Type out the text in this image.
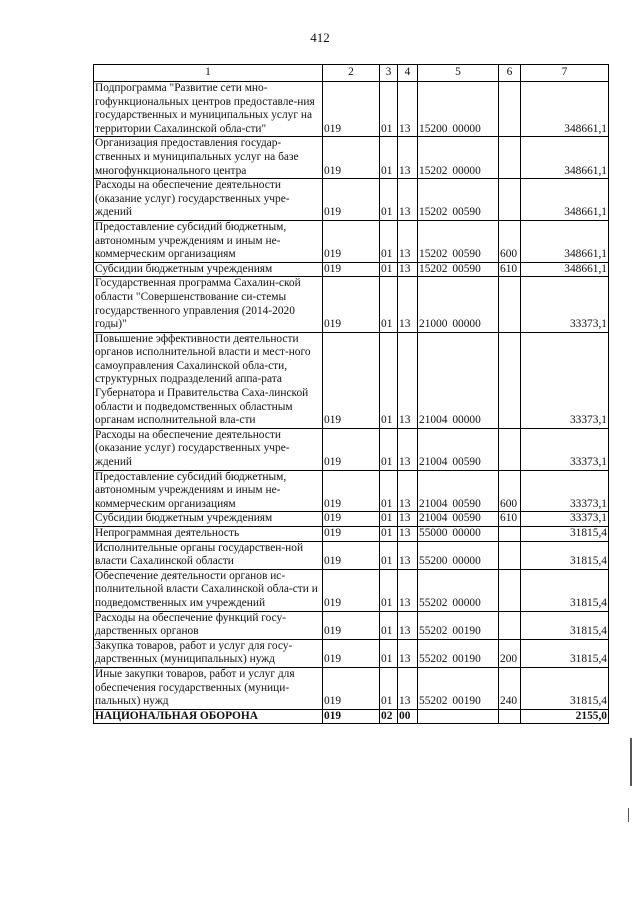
412
1	2	3	4	5	6	7
Подпрограмма "Развитие сети мно-гофункциональных центров предоставле-ния государственных и муниципальных услуг на территории Сахалинской обла-сти"	019	01	13	15200 00000		348661,1
Организация предоставления государ-ственных и муниципальных услуг на базе многофункционального центра	019	01	13	15202 00000		348661,1
Расходы на обеспечение деятельности (оказание услуг) государственных учре-ждений	019	01	13	15202 00590		348661,1
Предоставление субсидий бюджетным, автономным учреждениям и иным не-коммерческим организациям	019	01	13	15202 00590	600	348661,1
Субсидии бюджетным учреждениям	019	01	13	15202 00590	610	348661,1
Государственная программа Сахалин-ской области "Совершенствование си-стемы государственного управления (2014-2020 годы)"	019	01	13	21000 00000		33373,1
Повышение эффективности деятельности органов исполнительной власти и мест-ного самоуправления Сахалинской обла-сти, структурных подразделений аппа-рата Губернатора и Правительства Саха-линской области и подведомственных областным органам исполнительной вла-сти	019	01	13	21004 00000		33373,1
Расходы на обеспечение деятельности (оказание услуг) государственных учре-ждений	019	01	13	21004 00590		33373,1
Предоставление субсидий бюджетным, автономным учреждениям и иным не-коммерческим организациям	019	01	13	21004 00590	600	33373,1
Субсидии бюджетным учреждениям	019	01	13	21004 00590	610	33373,1
Непрограммная деятельность	019	01	13	55000 00000		31815,4
Исполнительные органы государствен-ной власти Сахалинской области	019	01	13	55200 00000		31815,4
Обеспечение деятельности органов ис-полнительной власти Сахалинской обла-сти и подведомственных им учреждений	019	01	13	55202 00000		31815,4
Расходы на обеспечение функций госу-дарственных органов	019	01	13	55202 00190		31815,4
Закупка товаров, работ и услуг для госу-дарственных (муниципальных) нужд	019	01	13	55202 00190	200	31815,4
Иные закупки товаров, работ и услуг для обеспечения государственных (муници-пальных) нужд	019	01	13	55202 00190	240	31815,4
НАЦИОНАЛЬНАЯ ОБОРОНА	019	02	00			2155,0
